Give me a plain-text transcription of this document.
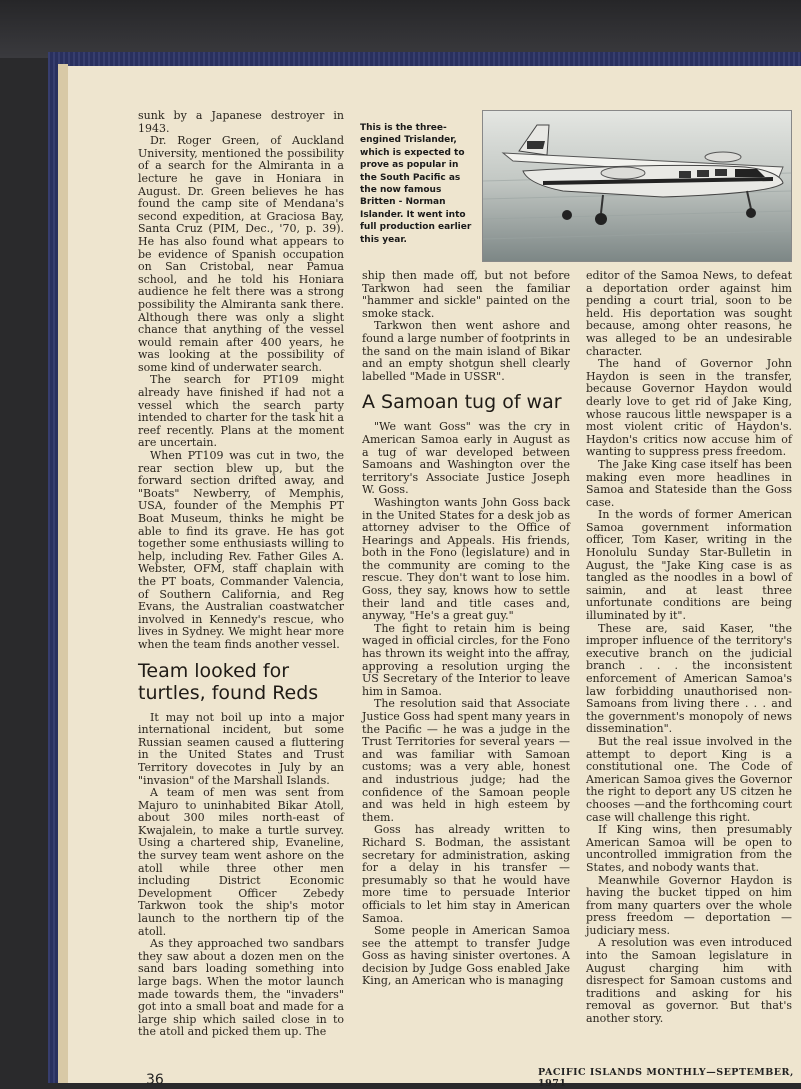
sunk by a Japanese destroyer in 1943.

Dr. Roger Green, of Auckland University, mentioned the possibility of a search for the Almiranta in a lecture he gave in Honiara in August. Dr. Green believes he has found the camp site of Mendana's second expedition, at Graciosa Bay, Santa Cruz (PIM, Dec., '70, p. 39). He has also found what appears to be evidence of Spanish occupation on San Cristobal, near Pamua school, and he told his Honiara audience he felt there was a strong possibility the Almiranta sank there. Although there was only a slight chance that anything of the vessel would remain after 400 years, he was looking at the possibility of some kind of underwater search.

The search for PT109 might already have finished if had not a vessel which the search party intended to charter for the task hit a reef recently. Plans at the moment are uncertain.

When PT109 was cut in two, the rear section blew up, but the forward section drifted away, and "Boats" Newberry, of Memphis, USA, founder of the Memphis PT Boat Museum, thinks he might be able to find its grave. He has got together some enthusiasts willing to help, including Rev. Father Giles A. Webster, OFM, staff chaplain with the PT boats, Commander Valencia, of Southern California, and Reg Evans, the Australian coastwatcher involved in Kennedy's rescue, who lives in Sydney. We might hear more when the team finds another vessel.

Team looked for turtles, found Reds

It may not boil up into a major international incident, but some Russian seamen caused a fluttering in the United States and Trust Territory dovecotes in July by an "invasion" of the Marshall Islands.

A team of men was sent from Majuro to uninhabited Bikar Atoll, about 300 miles north-east of Kwajalein, to make a turtle survey. Using a chartered ship, Evaneline, the survey team went ashore on the atoll while three other men including District Economic Development Officer Zebedy Tarkwon took the ship's motor launch to the northern tip of the atoll.

As they approached two sandbars they saw about a dozen men on the sand bars loading something into large bags. When the motor launch made towards them, the "invaders" got into a small boat and made for a large ship which sailed close in to the atoll and picked them up. The

This is the three-engined Trislander, which is expected to prove as popular in the South Pacific as the now famous Britten - Norman Islander. It went into full production earlier this year.

ship then made off, but not before Tarkwon had seen the familiar "hammer and sickle" painted on the smoke stack.

Tarkwon then went ashore and found a large number of footprints in the sand on the main island of Bikar and an empty shotgun shell clearly labelled "Made in USSR".

A Samoan tug of war

"We want Goss" was the cry in American Samoa early in August as a tug of war developed between Samoans and Washington over the territory's Associate Justice Joseph W. Goss.

Washington wants John Goss back in the United States for a desk job as attorney adviser to the Office of Hearings and Appeals. His friends, both in the Fono (legislature) and in the community are coming to the rescue. They don't want to lose him. Goss, they say, knows how to settle their land and title cases and, anyway, "He's a great guy."

The fight to retain him is being waged in official circles, for the Fono has thrown its weight into the affray, approving a resolution urging the US Secretary of the Interior to leave him in Samoa.

The resolution said that Associate Justice Goss had spent many years in the Pacific — he was a judge in the Trust Territories for several years — and was familiar with Samoan customs; was a very able, honest and industrious judge; had the confidence of the Samoan people and was held in high esteem by them.

Goss has already written to Richard S. Bodman, the assistant secretary for administration, asking for a delay in his transfer — presumably so that he would have more time to persuade Interior officials to let him stay in American Samoa.

Some people in American Samoa see the attempt to transfer Judge Goss as having sinister overtones. A decision by Judge Goss enabled Jake King, an American who is managing

editor of the Samoa News, to defeat a deportation order against him pending a court trial, soon to be held. His deportation was sought because, among ohter reasons, he was alleged to be an undesirable character.

The hand of Governor John Haydon is seen in the transfer, because Governor Haydon would dearly love to get rid of Jake King, whose raucous little newspaper is a most violent critic of Haydon's. Haydon's critics now accuse him of wanting to suppress press freedom.

The Jake King case itself has been making even more headlines in Samoa and Stateside than the Goss case.

In the words of former American Samoa government information officer, Tom Kaser, writing in the Honolulu Sunday Star-Bulletin in August, the "Jake King case is as tangled as the noodles in a bowl of saimin, and at least three unfortunate conditions are being illuminated by it".

These are, said Kaser, "the improper influence of the territory's executive branch on the judicial branch . . . the inconsistent enforcement of American Samoa's law forbidding unauthorised non-Samoans from living there . . . and the government's monopoly of news dissemination".

But the real issue involved in the attempt to deport King is a constitutional one. The Code of American Samoa gives the Governor the right to deport any US citzen he chooses —and the forthcoming court case will challenge this right.

If King wins, then presumably American Samoa will be open to uncontrolled immigration from the States, and nobody wants that.

Meanwhile Governor Haydon is having the bucket tipped on him from many quarters over the whole press freedom — deportation — judiciary mess.

A resolution was even introduced into the Samoan legislature in August charging him with disrespect for Samoan customs and traditions and asking for his removal as governor. But that's another story.

36	PACIFIC ISLANDS MONTHLY—SEPTEMBER, 1971
